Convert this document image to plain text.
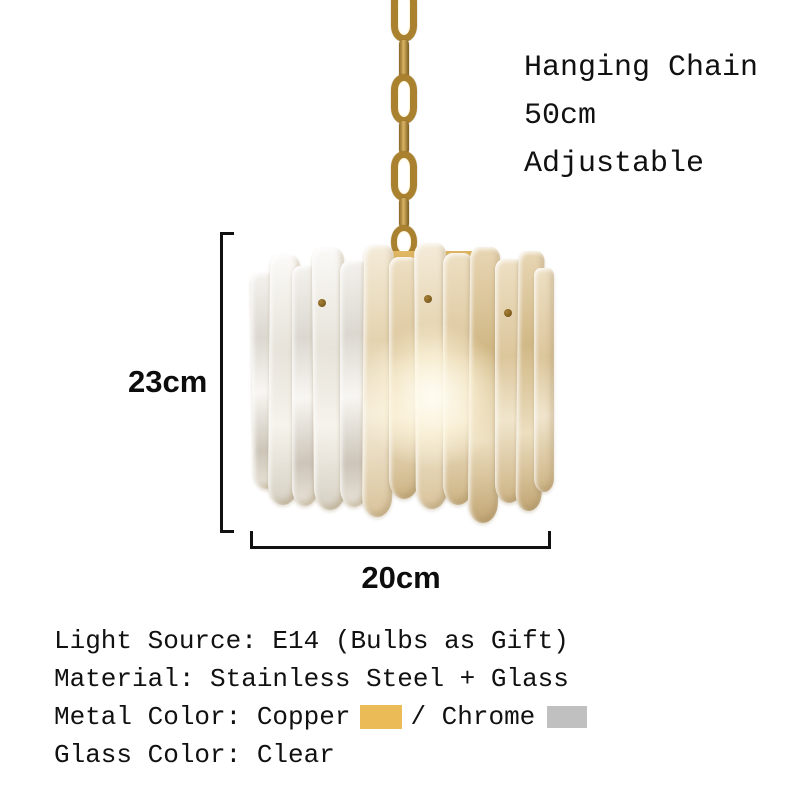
23cm
20cm
Hanging Chain
50cm
Adjustable
Light Source: E14 (Bulbs as Gift)
Material: Stainless Steel + Glass
Metal Color: Copper / Chrome
Glass Color: Clear
